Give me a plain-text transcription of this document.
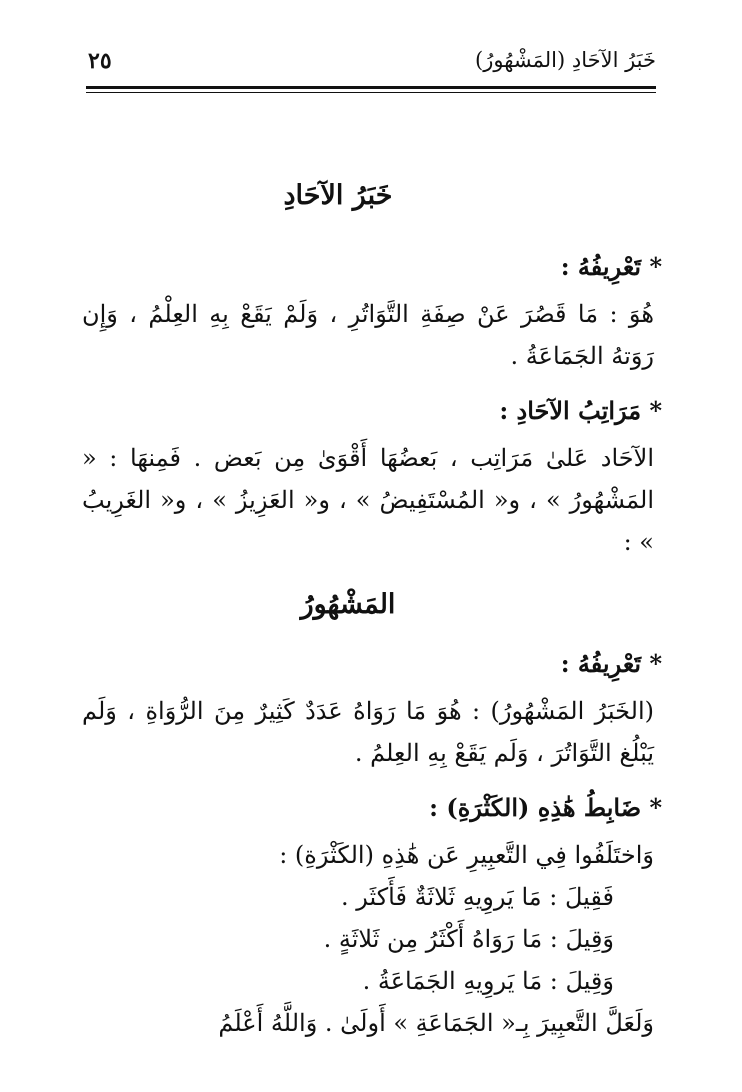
خَبَرُ الآحَادِ (المَشْهُورُ)
٢٥
خَبَرُ الآحَادِ
* تَعْرِيفُهُ :

هُوَ : مَا قَصُرَ عَنْ صِفَةِ التَّوَاتُرِ ، وَلَمْ يَقَعْ بِهِ العِلْمُ ، وَإِن رَوَتهُ الجَمَاعَةُ .

* مَرَاتِبُ الآحَادِ :

الآحَاد عَلىٰ مَرَاتِب ، بَعضُهَا أَقْوَىٰ مِن بَعض . فَمِنهَا : « المَشْهُورُ » ، و« المُسْتَفِيضُ » ، و« العَزِيزُ » ، و« الغَرِيبُ » :

المَشْهُورُ
* تَعْرِيفُهُ :

(الخَبَرُ المَشْهُورُ) : هُوَ مَا رَوَاهُ عَدَدٌ كَثِيرٌ مِنَ الرُّوَاةِ ، وَلَم يَبْلُغ التَّوَاتُرَ ، وَلَم يَقَعْ بِهِ العِلمُ .

* ضَابِطُ هَٰذِهِ (الكَثْرَةِ) :

وَاختَلَفُوا فِي التَّعبِيرِ عَن هَٰذِهِ (الكَثْرَةِ) :

فَقِيلَ : مَا يَروِيهِ ثَلاثَةٌ فَأَكثَر .

وَقِيلَ : مَا رَوَاهُ أَكْثَرُ مِن ثَلاثَةٍ .

وَقِيلَ : مَا يَروِيهِ الجَمَاعَةُ .

وَلَعَلَّ التَّعبِيرَ بِـ« الجَمَاعَةِ » أَولَىٰ . وَاللَّهُ أَعْلَمُ
